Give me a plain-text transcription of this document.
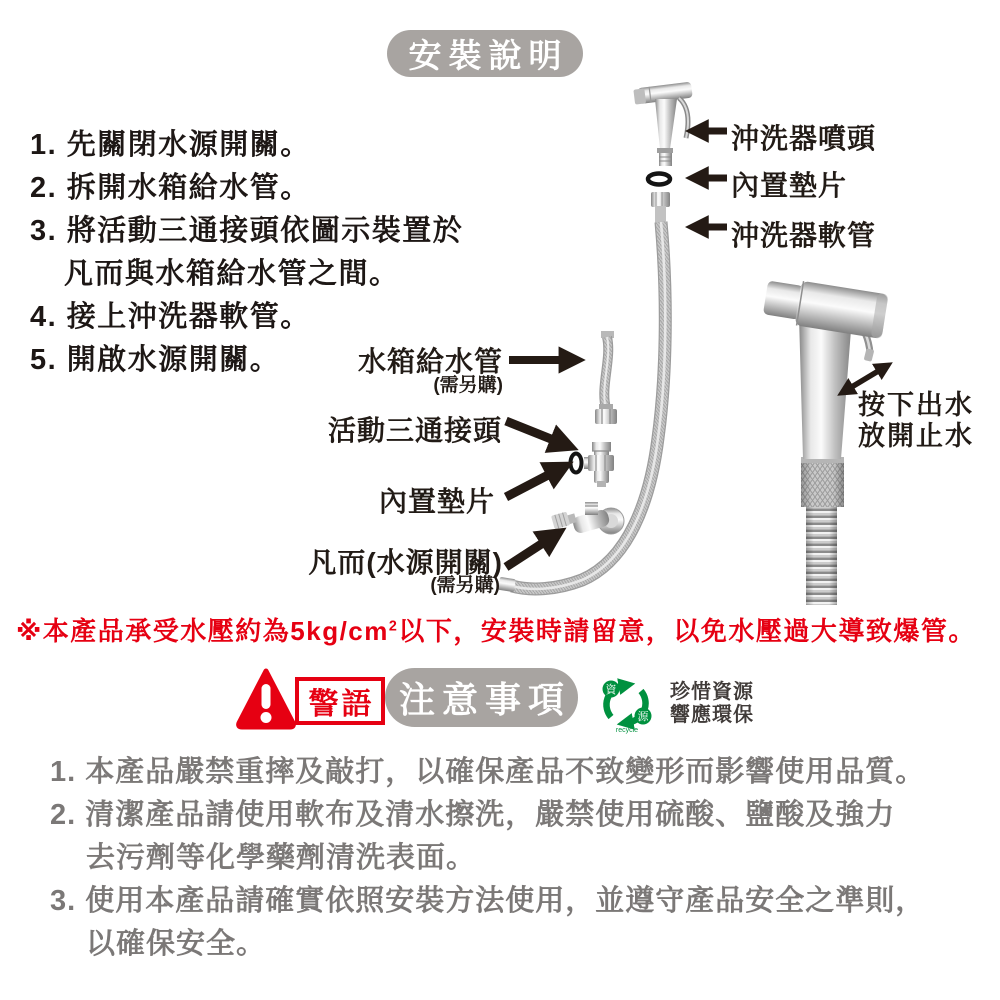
安裝說明
1. 先關閉水源開關。
2. 拆開水箱給水管。
3. 將活動三通接頭依圖示裝置於
凡而與水箱給水管之間。
4. 接上沖洗器軟管。
5. 開啟水源開關。
沖洗器噴頭
內置墊片
沖洗器軟管
水箱給水管
(需另購)
活動三通接頭
內置墊片
凡而(水源開關)
(需另購)
按下出水
放開止水
※本產品承受水壓約為$5kg/cm^2$以下，安裝時請留意，以免水壓過大導致爆管。
警語 注意事項	資
源
recycle
珍惜資源
響應環保
1. 本產品嚴禁重摔及敲打，以確保產品不致變形而影響使用品質。
2. 清潔產品請使用軟布及清水擦洗，嚴禁使用硫酸、鹽酸及強力
去污劑等化學藥劑清洗表面。
3. 使用本產品請確實依照安裝方法使用，並遵守產品安全之準則，
以確保安全。
